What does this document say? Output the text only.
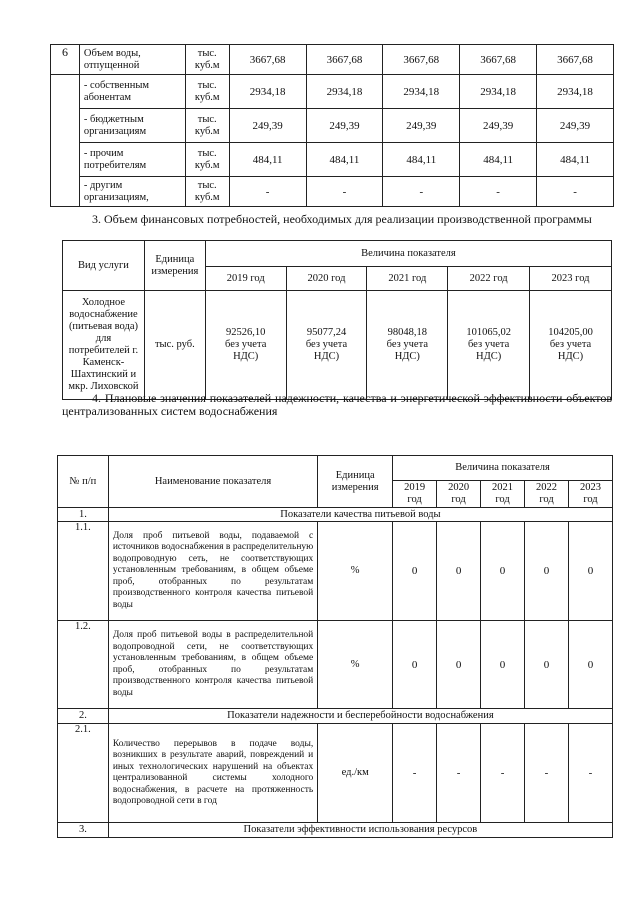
6	Объем воды, отпущенной	тыс. куб.м	3667,68	3667,68	3667,68	3667,68	3667,68
	- собственным абонентам	тыс. куб.м	2934,18	2934,18	2934,18	2934,18	2934,18
	- бюджетным организациям	тыс. куб.м	249,39	249,39	249,39	249,39	249,39
	- прочим потребителям	тыс. куб.м	484,11	484,11	484,11	484,11	484,11
	- другим организациям,	тыс. куб.м	-	-	-	-	-
3. Объем финансовых потребностей, необходимых для реализации производственной программы
Вид услуги	Единица измерения	Величина показателя				
		2019 год	2020 год	2021 год	2022 год	2023 год
Холодное водоснабжение (питьевая вода) для потребителей г. Каменск-Шахтинский и мкр. Лиховской	тыс. руб.	92526,10 без учета НДС)	95077,24 без учета НДС)	98048,18 без учета НДС)	101065,02 без учета НДС)	104205,00 без учета НДС)
4. Плановые значения показателей надежности, качества и энергетической эффективности объектов централизованных систем водоснабжения
№ п/п	Наименование показателя	Единица измерения	Величина показателя				
			2019 год	2020 год	2021 год	2022 год	2023 год
1.	Показатели качества питьевой воды						
1.1.	Доля проб питьевой воды, подаваемой с источников водоснабжения в распределительную водопроводную сеть, не соответствующих установленным требованиям, в общем объеме проб, отобранных по результатам производственного контроля качества питьевой воды	%	0	0	0	0	0
1.2.	Доля проб питьевой воды в распределительной водопроводной сети, не соответствующих установленным требованиям, в общем объеме проб, отобранных по результатам производственного контроля качества питьевой воды	%	0	0	0	0	0
2.	Показатели надежности и бесперебойности водоснабжения						
2.1.	Количество перерывов в подаче воды, возникших в результате аварий, повреждений и иных технологических нарушений на объектах централизованной системы холодного водоснабжения, в расчете на протяженность водопроводной сети в год	ед./км	-	-	-	-	-
3.	Показатели эффективности использования ресурсов						
